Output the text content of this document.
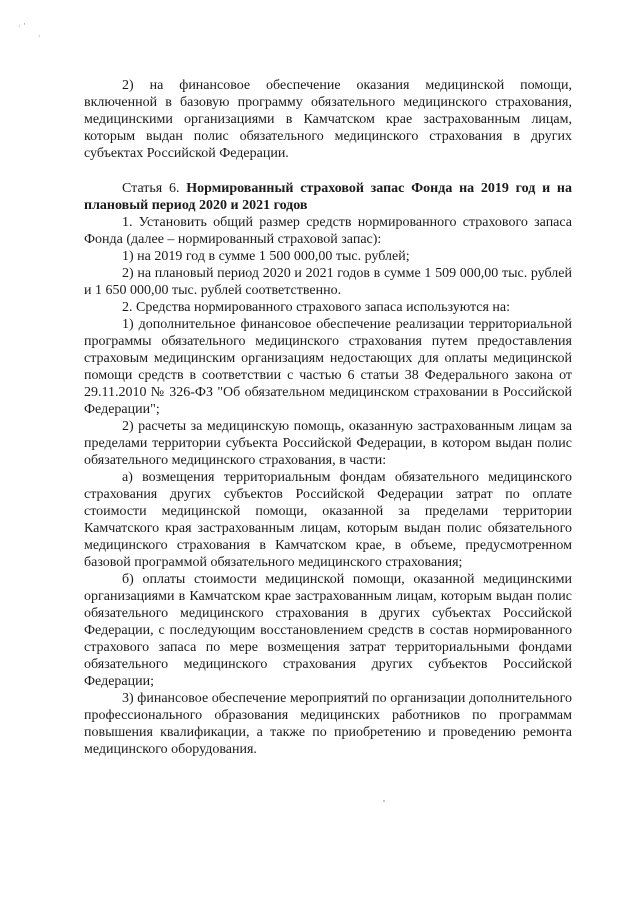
· ʼ
ˈ

2) на финансовое обеспечение оказания медицинской помощи, включенной в базовую программу обязательного медицинского страхования, медицинскими организациями в Камчатском крае застрахованным лицам, которым выдан полис обязательного медицинского страхования в других субъектах Российской Федерации.

Статья 6. Нормированный страховой запас Фонда на 2019 год и на плановый период 2020 и 2021 годов

1. Установить общий размер средств нормированного страхового запаса Фонда (далее – нормированный страховой запас):

1) на 2019 год в сумме 1 500 000,00 тыс. рублей;

2) на плановый период 2020 и 2021 годов в сумме 1 509 000,00 тыс. рублей и 1 650 000,00 тыс. рублей соответственно.

2. Средства нормированного страхового запаса используются на:

1) дополнительное финансовое обеспечение реализации территориальной программы обязательного медицинского страхования путем предоставления страховым медицинским организациям недостающих для оплаты медицинской помощи средств в соответствии с частью 6 статьи 38 Федерального закона от 29.11.2010 № 326-ФЗ "Об обязательном медицинском страховании в Российской Федерации";

2) расчеты за медицинскую помощь, оказанную застрахованным лицам за пределами территории субъекта Российской Федерации, в котором выдан полис обязательного медицинского страхования, в части:

а) возмещения территориальным фондам обязательного медицинского страхования других субъектов Российской Федерации затрат по оплате стоимости медицинской помощи, оказанной за пределами территории Камчатского края застрахованным лицам, которым выдан полис обязательного медицинского страхования в Камчатском крае, в объеме, предусмотренном базовой программой обязательного медицинского страхования;

б) оплаты стоимости медицинской помощи, оказанной медицинскими организациями в Камчатском крае застрахованным лицам, которым выдан полис обязательного медицинского страхования в других субъектах Российской Федерации, с последующим восстановлением средств в состав нормированного страхового запаса по мере возмещения затрат территориальными фондами обязательного медицинского страхования других субъектов Российской Федерации;

3) финансовое обеспечение мероприятий по организации дополнительного профессионального образования медицинских работников по программам повышения квалификации, а также по приобретению и проведению ремонта медицинского оборудования.
